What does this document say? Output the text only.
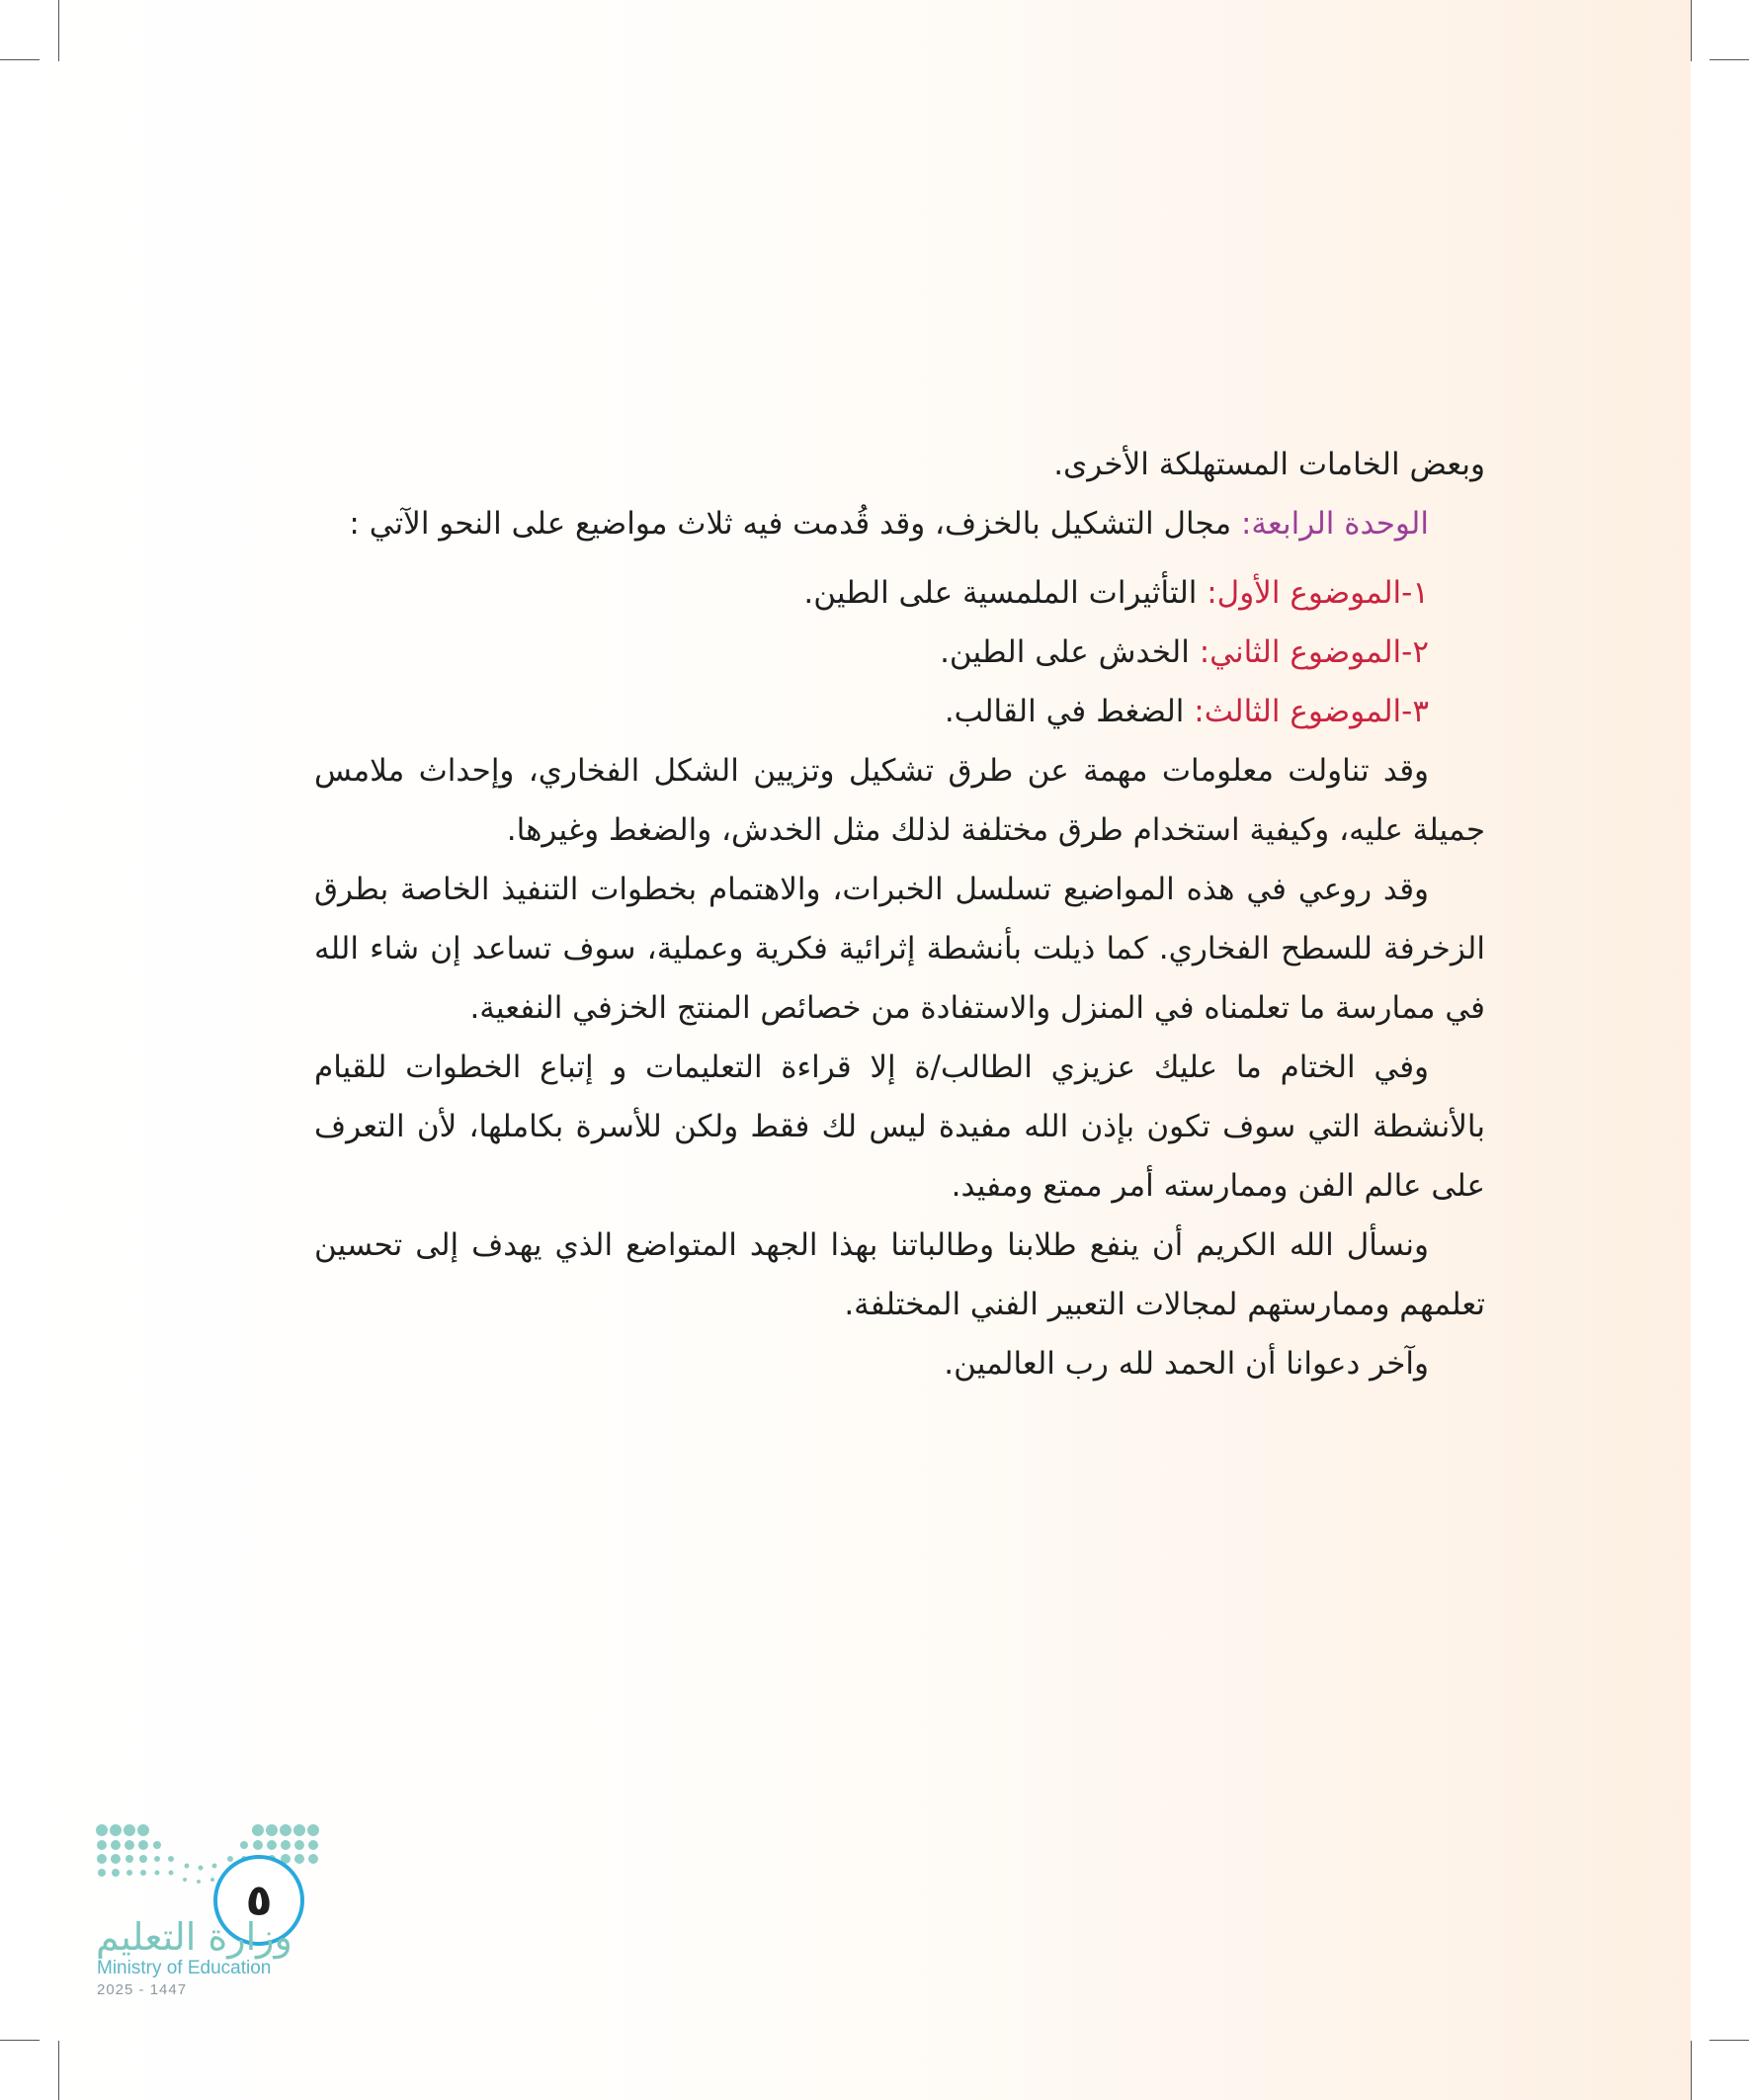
وبعض الخامات المستهلكة الأخرى.

الوحدة الرابعة: مجال التشكيل بالخزف، وقد قُدمت فيه ثلاث مواضيع على النحو الآتي :

١-الموضوع الأول: التأثيرات الملمسية على الطين.

٢-الموضوع الثاني: الخدش على الطين.

٣-الموضوع الثالث: الضغط في القالب.

وقد تناولت معلومات مهمة عن طرق تشكيل وتزيين الشكل الفخاري، وإحداث ملامس جميلة عليه، وكيفية استخدام طرق مختلفة لذلك مثل الخدش، والضغط وغيرها.

وقد روعي في هذه المواضيع تسلسل الخبرات، والاهتمام بخطوات التنفيذ الخاصة بطرق الزخرفة للسطح الفخاري. كما ذيلت بأنشطة إثرائية فكرية وعملية، سوف تساعد إن شاء الله في ممارسة ما تعلمناه في المنزل والاستفادة من خصائص المنتج الخزفي النفعية.

وفي الختام ما عليك عزيزي الطالب/ة إلا قراءة التعليمات و إتباع الخطوات للقيام بالأنشطة التي سوف تكون بإذن الله مفيدة ليس لك فقط ولكن للأسرة بكاملها، لأن التعرف على عالم الفن وممارسته أمر ممتع ومفيد.

ونسأل الله الكريم أن ينفع طلابنا وطالباتنا بهذا الجهد المتواضع الذي يهدف إلى تحسين تعلمهم وممارستهم لمجالات التعبير الفني المختلفة.

وآخر دعوانا أن الحمد لله رب العالمين.

٥
وزارة التعليم
Ministry of Education
2025 - 1447
